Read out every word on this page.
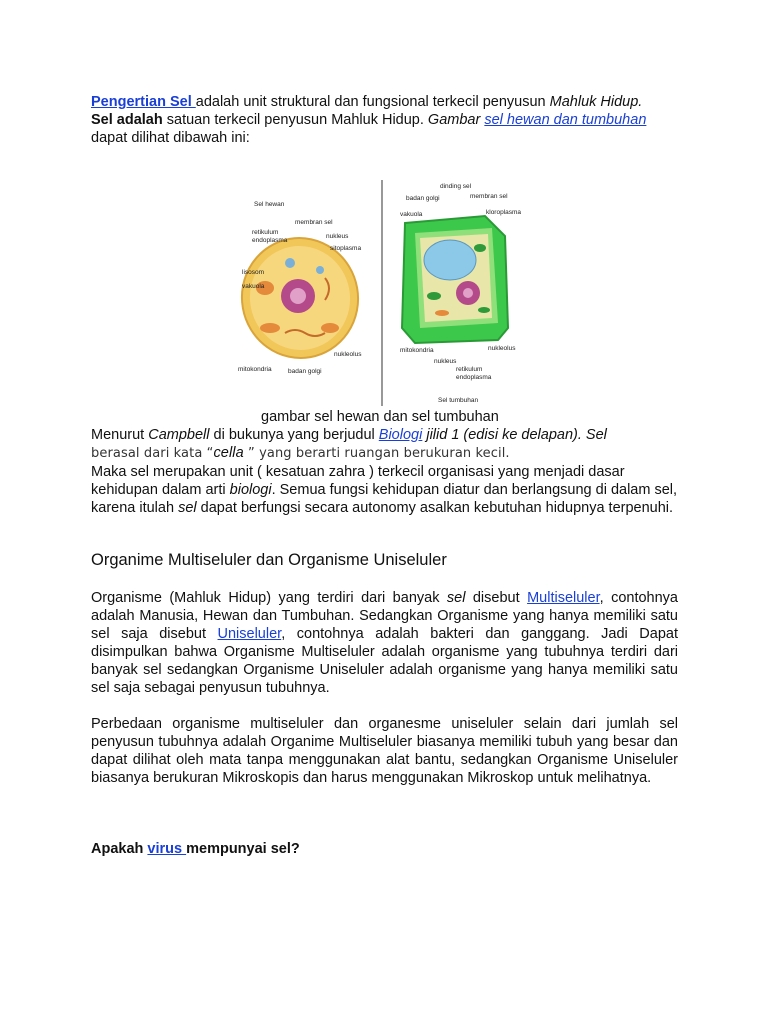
Pengertian Sel adalah unit struktural dan fungsional terkecil penyusun Mahluk Hidup.
Sel adalah satuan terkecil penyusun Mahluk Hidup. Gambar sel hewan dan tumbuhan
dapat dilihat dibawah ini:

gambar sel hewan dan sel tumbuhan

Menurut Campbell di bukunya yang berjudul Biologi jilid 1 (edisi ke delapan). Sel

berasal dari kata “cella ” yang berarti ruangan berukuran kecil.

Maka sel merupakan unit ( kesatuan zahra ) terkecil organisasi yang menjadi dasar kehidupan dalam arti biologi. Semua fungsi kehidupan diatur dan berlangsung di dalam sel, karena itulah sel dapat berfungsi secara autonomy asalkan kebutuhan hidupnya terpenuhi.

Organime Multiseluler dan Organisme Uniseluler

Organisme (Mahluk Hidup) yang terdiri dari banyak sel disebut Multiseluler, contohnya adalah Manusia, Hewan dan Tumbuhan. Sedangkan Organisme yang hanya memiliki satu sel saja disebut Uniseluler, contohnya adalah bakteri dan ganggang. Jadi Dapat disimpulkan bahwa Organisme Multiseluler adalah organisme yang tubuhnya terdiri dari banyak sel sedangkan Organisme Uniseluler adalah organisme yang hanya memiliki satu sel saja sebagai penyusun tubuhnya.

Perbedaan organisme multiseluler dan organesme uniseluler selain dari jumlah sel penyusun tubuhnya adalah Organime Multiseluler biasanya memiliki tubuh yang besar dan dapat dilihat oleh mata tanpa menggunakan alat bantu, sedangkan Organisme Uniseluler biasanya berukuran Mikroskopis dan harus menggunakan Mikroskop untuk melihatnya.

Apakah virus mempunyai sel?

Sel hewan
membran sel
retikulum
endoplasma
nukleus
sitoplasma
lisosom
vakuola
nukleolus
mitokondria	badan golgi
dinding sel
badan golgi	membran sel
vakuola	kloroplasma
mitokondria	nukleolus
nukleus
retikulum
endoplasma
Sel tumbuhan
